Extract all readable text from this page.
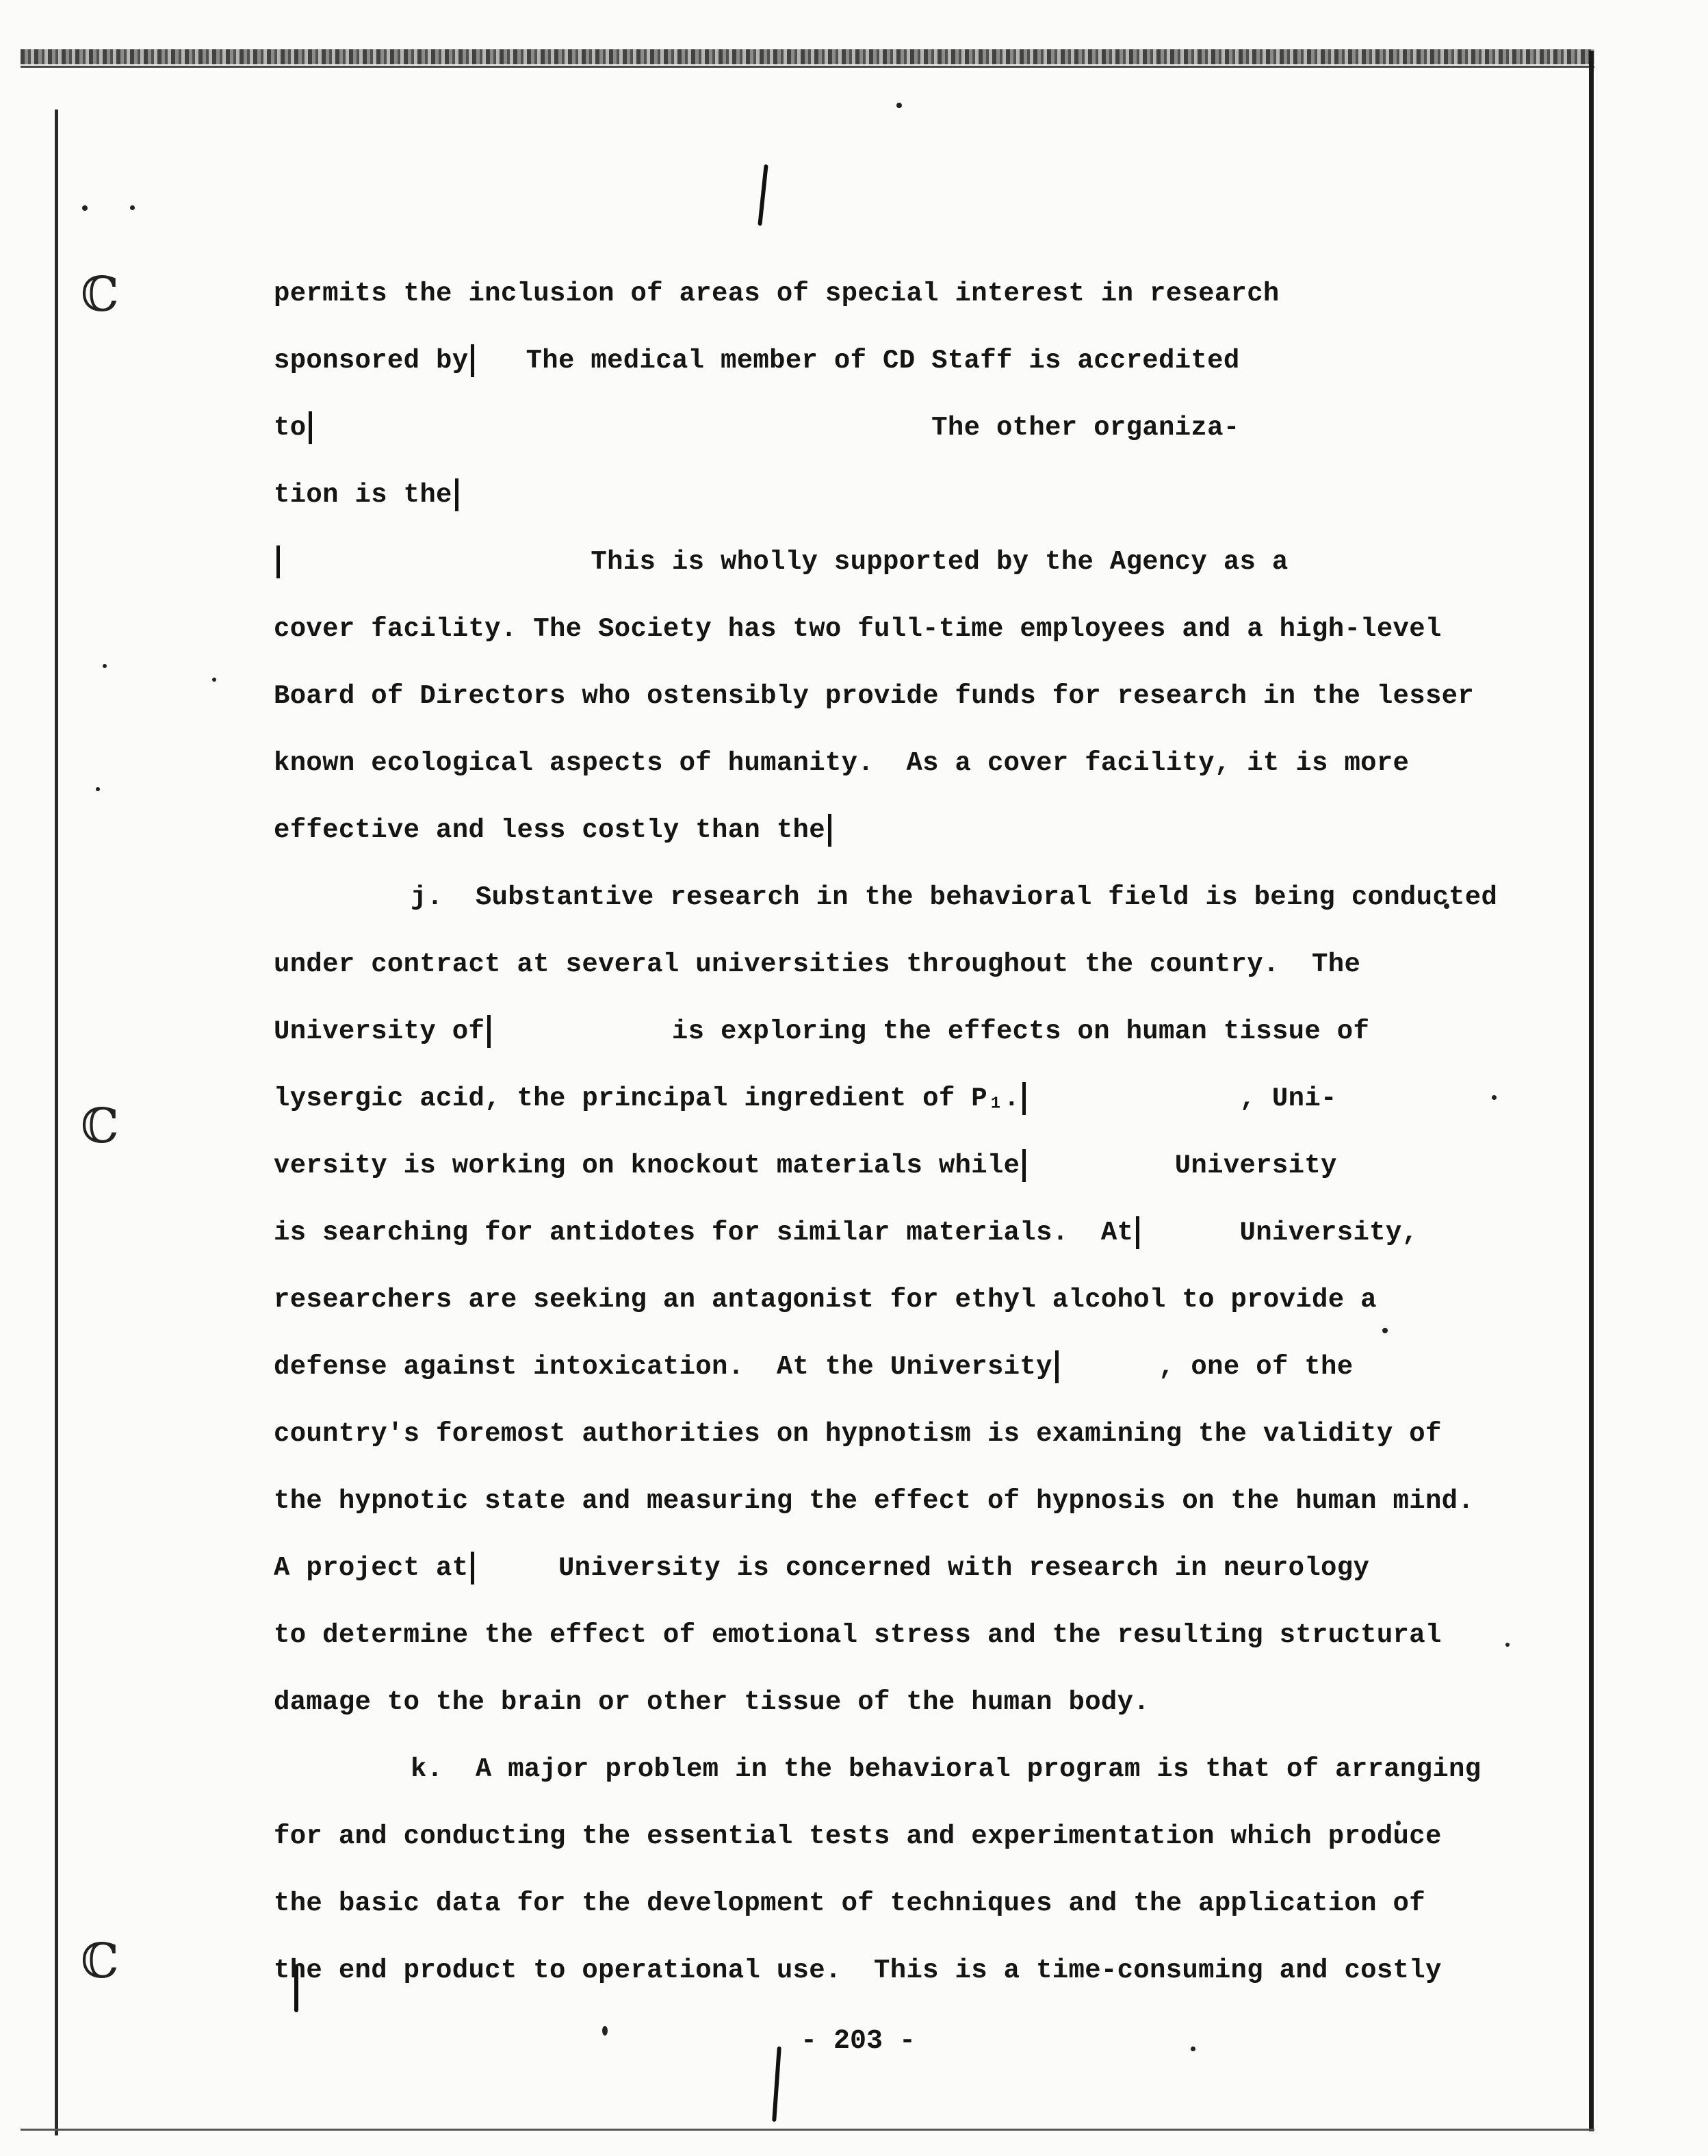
ℂ
ℂ
ℂ
permits the inclusion of areas of special interest in research
sponsored by   The medical member of CD Staff is accredited
to                                      The other organiza-
tion is the
This is wholly supported by the Agency as a
cover facility. The Society has two full-time employees and a high-level
Board of Directors who ostensibly provide funds for research in the lesser
known ecological aspects of humanity.  As a cover facility, it is more
effective and less costly than the
j.  Substantive research in the behavioral field is being conducted
under contract at several universities throughout the country.  The
University of           is exploring the effects on human tissue of
lysergic acid, the principal ingredient of P₁.             , Uni-
versity is working on knockout materials while         University
is searching for antidotes for similar materials.  At      University,
researchers are seeking an antagonist for ethyl alcohol to provide a
defense against intoxication.  At the University      , one of the
country's foremost authorities on hypnotism is examining the validity of
the hypnotic state and measuring the effect of hypnosis on the human mind.
A project at     University is concerned with research in neurology
to determine the effect of emotional stress and the resulting structural
damage to the brain or other tissue of the human body.
k.  A major problem in the behavioral program is that of arranging
for and conducting the essential tests and experimentation which produce
the basic data for the development of techniques and the application of
the end product to operational use.  This is a time-consuming and costly
- 203 -
